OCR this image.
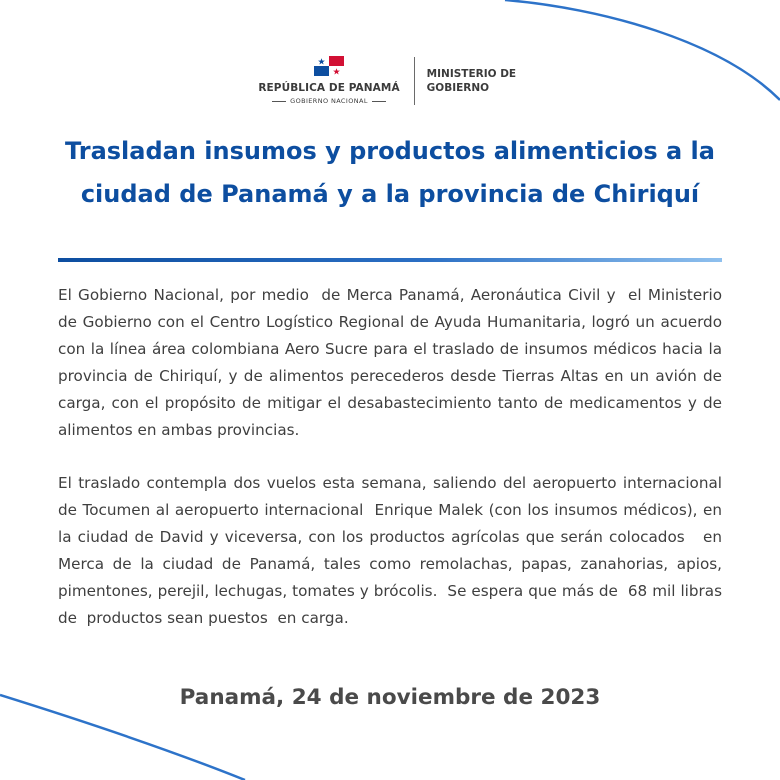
REPÚBLICA DE PANAMÁ
GOBIERNO NACIONAL
MINISTERIO DE
GOBIERNO
Trasladan insumos y productos alimenticios a la ciudad de Panamá y a la provincia de Chiriquí

El Gobierno Nacional, por medio  de Merca Panamá, Aeronáutica Civil y  el Ministerio de Gobierno con el Centro Logístico Regional de Ayuda Humanitaria, logró un acuerdo con la línea área colombiana Aero Sucre para el traslado de insumos médicos hacia la provincia de Chiriquí, y de alimentos perecederos desde Tierras Altas en un avión de carga, con el propósito de mitigar el desabastecimiento tanto de medicamentos y de alimentos en ambas provincias.

El traslado contempla dos vuelos esta semana, saliendo del aeropuerto internacional de Tocumen al aeropuerto internacional  Enrique Malek (con los insumos médicos), en la ciudad de David y viceversa, con los productos agrícolas que serán colocados   en    Merca de la ciudad de Panamá, tales como remolachas, papas, zanahorias, apios, pimentones, perejil, lechugas, tomates y brócolis.  Se espera que más de  68 mil libras de  productos sean puestos  en carga.

Panamá, 24 de noviembre de 2023
